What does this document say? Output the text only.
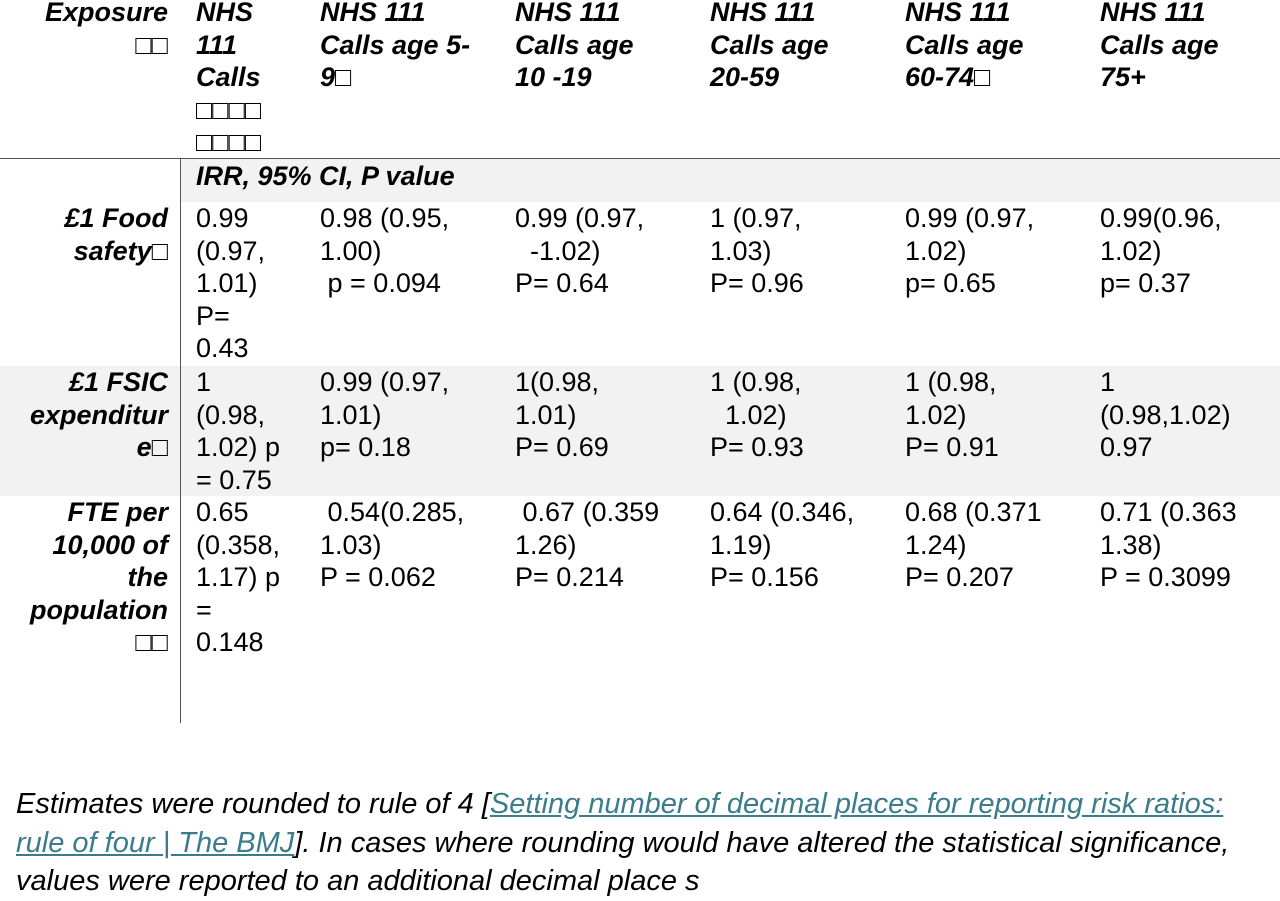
Exposure
□□
NHS
111
Calls
□□□□
□□□□
NHS 111
Calls age 5-
9□
NHS 111
Calls age
10 -19
NHS 111
Calls age
20-59
NHS 111
Calls age
60-74□
NHS 111
Calls age
75+
IRR, 95% CI, P value
£1 Food
safety□
0.99
(0.97,
1.01)
P=
0.43
0.98 (0.95,
1.00)
p = 0.094
0.99 (0.97,
-1.02)
P= 0.64
1 (0.97,
1.03)
P= 0.96
0.99 (0.97,
1.02)
p= 0.65
0.99(0.96,
1.02)
p= 0.37
£1 FSIC
expenditur
e□
1
(0.98,
1.02) p
= 0.75
0.99 (0.97,
1.01)
p= 0.18
1(0.98,
1.01)
P= 0.69
1 (0.98,
1.02)
P= 0.93
1 (0.98,
1.02)
P= 0.91
1
(0.98,1.02)
0.97
FTE per
10,000 of
the
population
□□
0.65
(0.358,
1.17) p
=
0.148
0.54(0.285,
1.03)
P = 0.062
0.67 (0.359
1.26)
P= 0.214
0.64 (0.346,
1.19)
P= 0.156
0.68 (0.371
1.24)
P= 0.207
0.71 (0.363
1.38)
P = 0.3099
Estimates were rounded to rule of 4 [Setting number of decimal places for reporting risk ratios: rule of four | The BMJ]. In cases where rounding would have altered the statistical significance, values were reported to an additional decimal place s
